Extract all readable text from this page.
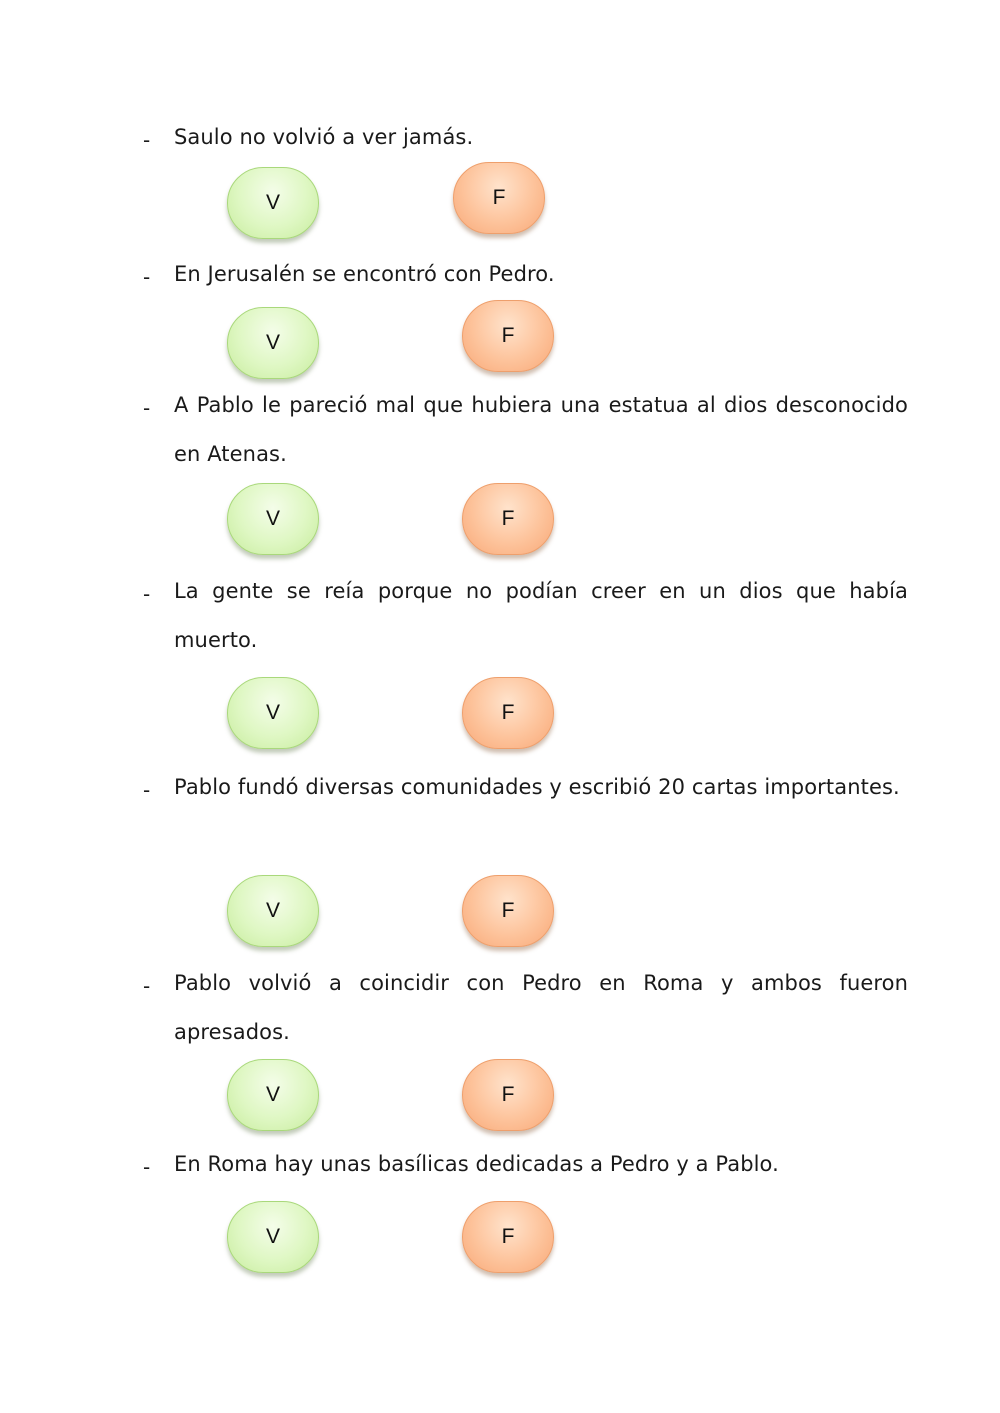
- Saulo no volvió a ver jamás.
V	F
- En Jerusalén se encontró con Pedro.
V	F
- A Pablo le pareció mal que hubiera una estatua al dios desconocido en Atenas.
V	F
- La gente se reía porque no podían creer en un dios que había muerto.
V	F
- Pablo fundó diversas comunidades y escribió 20 cartas importantes.
V	F
- Pablo volvió a coincidir con Pedro en Roma y ambos fueron apresados.
V	F
- En Roma hay unas basílicas dedicadas a Pedro y a Pablo.
V	F
